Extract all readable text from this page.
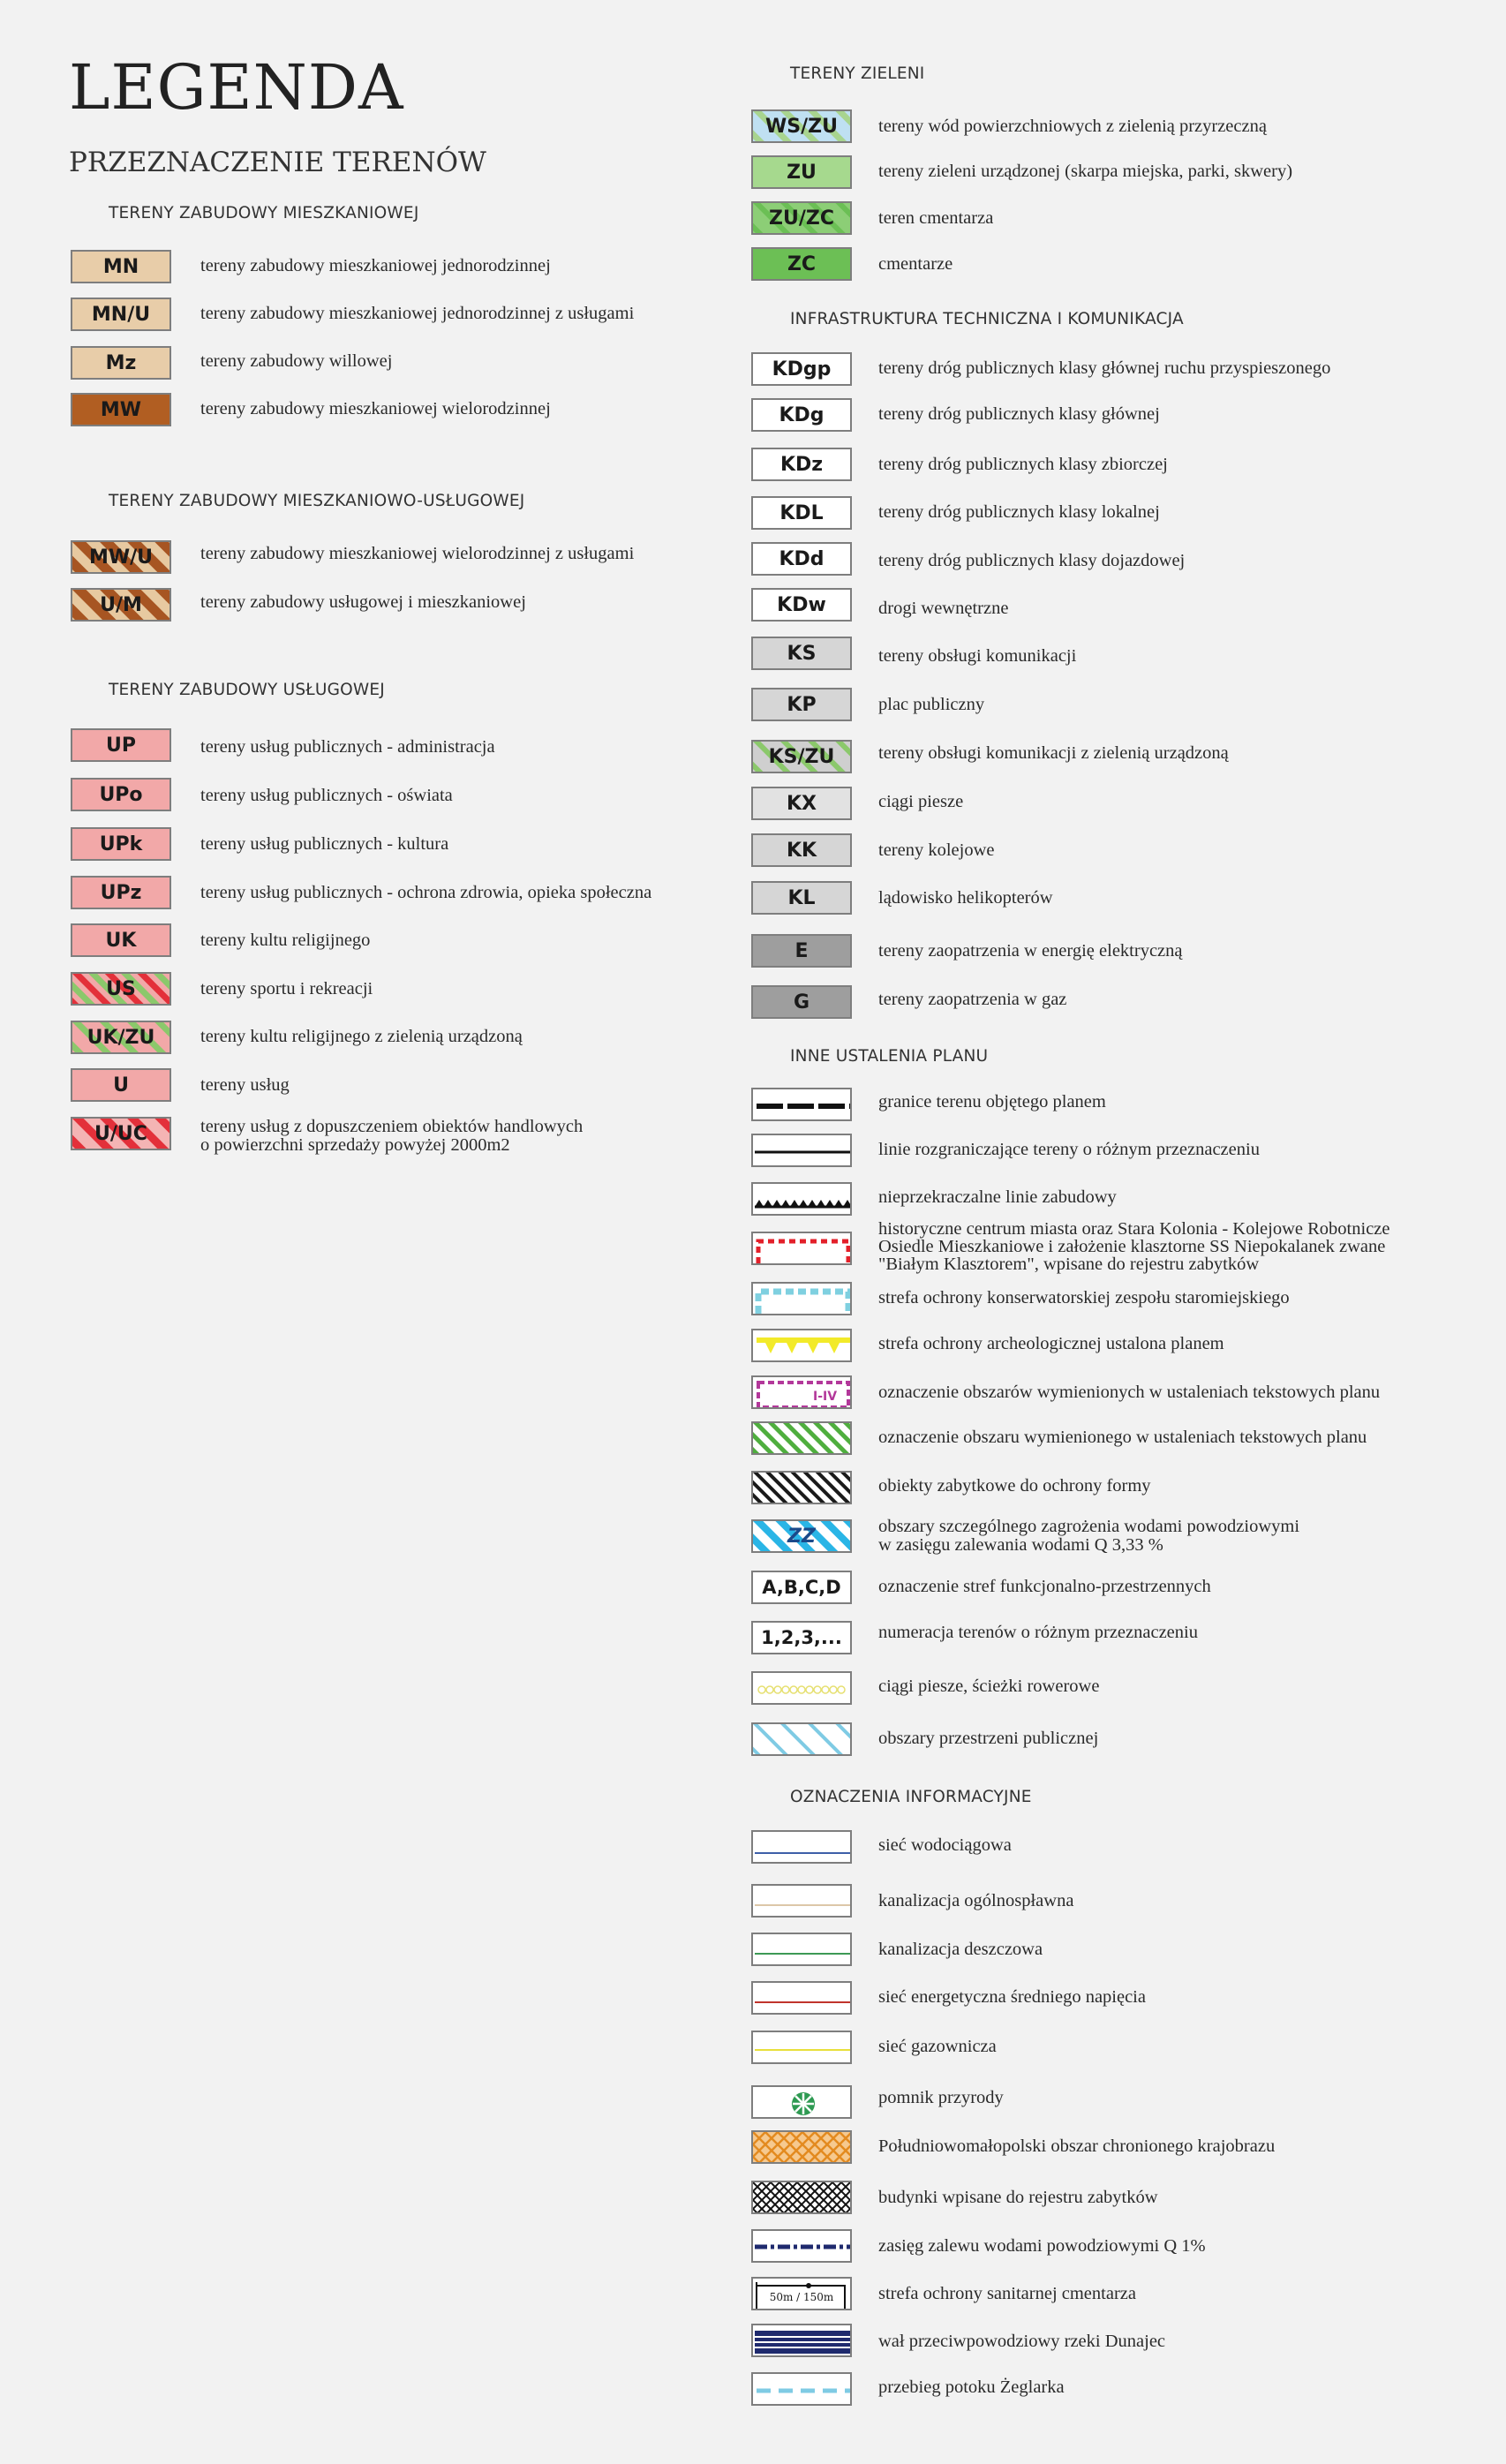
LEGENDA
PRZEZNACZENIE TERENÓW
TERENY ZABUDOWY MIESZKANIOWEJ
MN	tereny zabudowy mieszkaniowej jednorodzinnej
MN/U	tereny zabudowy mieszkaniowej jednorodzinnej z usługami
Mz	tereny zabudowy willowej
MW	tereny zabudowy mieszkaniowej wielorodzinnej
TERENY ZABUDOWY MIESZKANIOWO-USŁUGOWEJ
MW/U	tereny zabudowy mieszkaniowej wielorodzinnej z usługami
U/M	tereny zabudowy usługowej i mieszkaniowej
TERENY ZABUDOWY USŁUGOWEJ
UP	tereny usług publicznych - administracja
UPo	tereny usług publicznych - oświata
UPk	tereny usług publicznych - kultura
UPz	tereny usług publicznych - ochrona zdrowia, opieka społeczna
UK	tereny kultu religijnego
US	tereny sportu i rekreacji
UK/ZU	tereny kultu religijnego z zielenią urządzoną
U	tereny usług
U/UC	tereny usług z dopuszczeniem obiektów handlowych
o powierzchni sprzedaży powyżej 2000m2
TERENY ZIELENI
WS/ZU tereny wód powierzchniowych z zielenią przyrzeczną
ZU	tereny zieleni urządzonej (skarpa miejska, parki, skwery)
ZU/ZC teren cmentarza
ZC	cmentarze
INFRASTRUKTURA TECHNICZNA I KOMUNIKACJA
KDgp	tereny dróg publicznych klasy głównej ruchu przyspieszonego
KDg	tereny dróg publicznych klasy głównej
KDz	tereny dróg publicznych klasy zbiorczej
KDL	tereny dróg publicznych klasy lokalnej
KDd	tereny dróg publicznych klasy dojazdowej
KDw	drogi wewnętrzne
KS	tereny obsługi komunikacji
KP	plac publiczny
KS/ZU tereny obsługi komunikacji z zielenią urządzoną
KX	ciągi piesze
KK	tereny kolejowe
KL	lądowisko helikopterów
E	tereny zaopatrzenia w energię elektryczną
G	tereny zaopatrzenia w gaz
INNE USTALENIA PLANU
granice terenu objętego planem
linie rozgraniczające tereny o różnym przeznaczeniu
nieprzekraczalne linie zabudowy
historyczne centrum miasta oraz Stara Kolonia - Kolejowe Robotnicze
Osiedle Mieszkaniowe i założenie klasztorne SS Niepokalanek zwane
"Białym Klasztorem", wpisane do rejestru zabytków
strefa ochrony konserwatorskiej zespołu staromiejskiego
strefa ochrony archeologicznej ustalona planem
I-IV oznaczenie obszarów wymienionych w ustaleniach tekstowych planu
oznaczenie obszaru wymienionego w ustaleniach tekstowych planu
obiekty zabytkowe do ochrony formy
ZZ	obszary szczególnego zagrożenia wodami powodziowymi
w zasięgu zalewania wodami Q 3,33 %
A,B,C,D oznaczenie stref funkcjonalno-przestrzennych
1,2,3,... numeracja terenów o różnym przeznaczeniu
ciągi piesze, ścieżki rowerowe
obszary przestrzeni publicznej
OZNACZENIA INFORMACYJNE
sieć wodociągowa
kanalizacja ogólnospławna
kanalizacja deszczowa
sieć energetyczna średniego napięcia
sieć gazownicza
pomnik przyrody
Południowomałopolski obszar chronionego krajobrazu
budynki wpisane do rejestru zabytków
zasięg zalewu wodami powodziowymi Q 1%
50m / 150m strefa ochrony sanitarnej cmentarza
wał przeciwpowodziowy rzeki Dunajec
przebieg potoku Żeglarka
